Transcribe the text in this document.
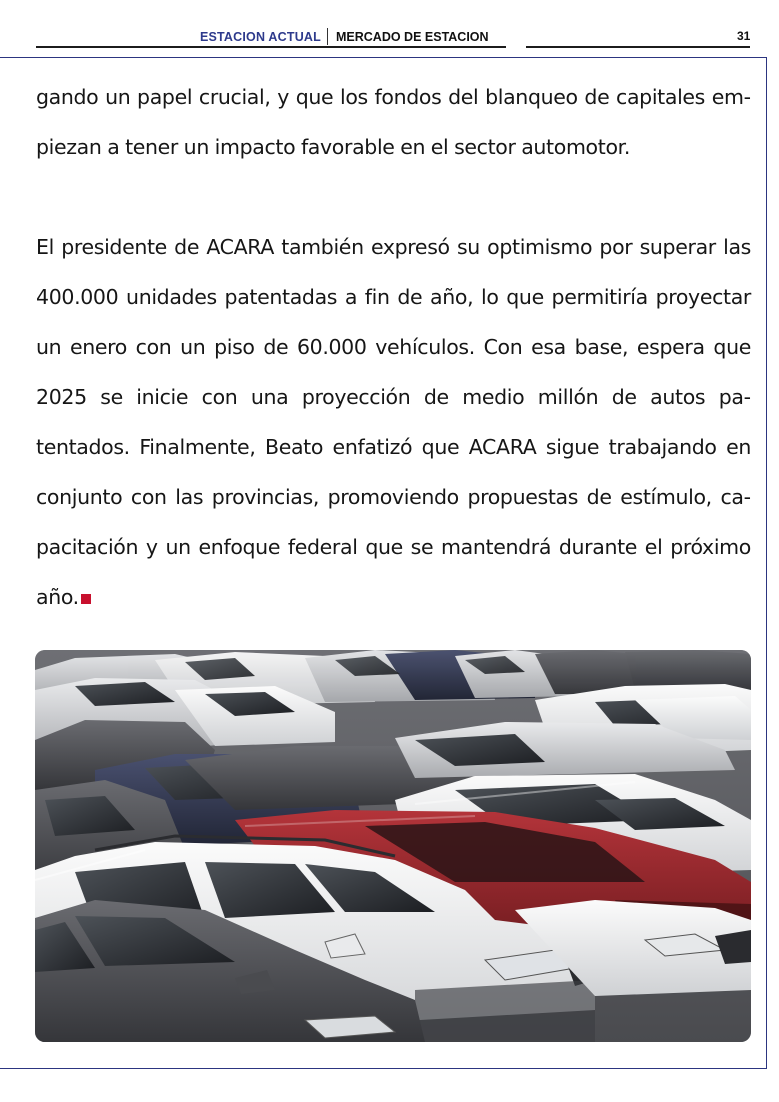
ESTACION ACTUAL MERCADO DE ESTACION	31

gando un papel crucial, y que los fondos del blanqueo de capitales empiezan a tener un impacto favorable en el sector automotor.

El presidente de ACARA también expresó su optimismo por superar las 400.000 unidades patentadas a fin de año, lo que permitiría proyectar un enero con un piso de 60.000 vehículos. Con esa base, espera que 2025 se inicie con una proyección de medio millón de autos patentados. Finalmente, Beato enfatizó que ACARA sigue trabajando en conjunto con las provincias, promoviendo propuestas de estímulo, capacitación y un enfoque federal que se mantendrá durante el próximo año.
